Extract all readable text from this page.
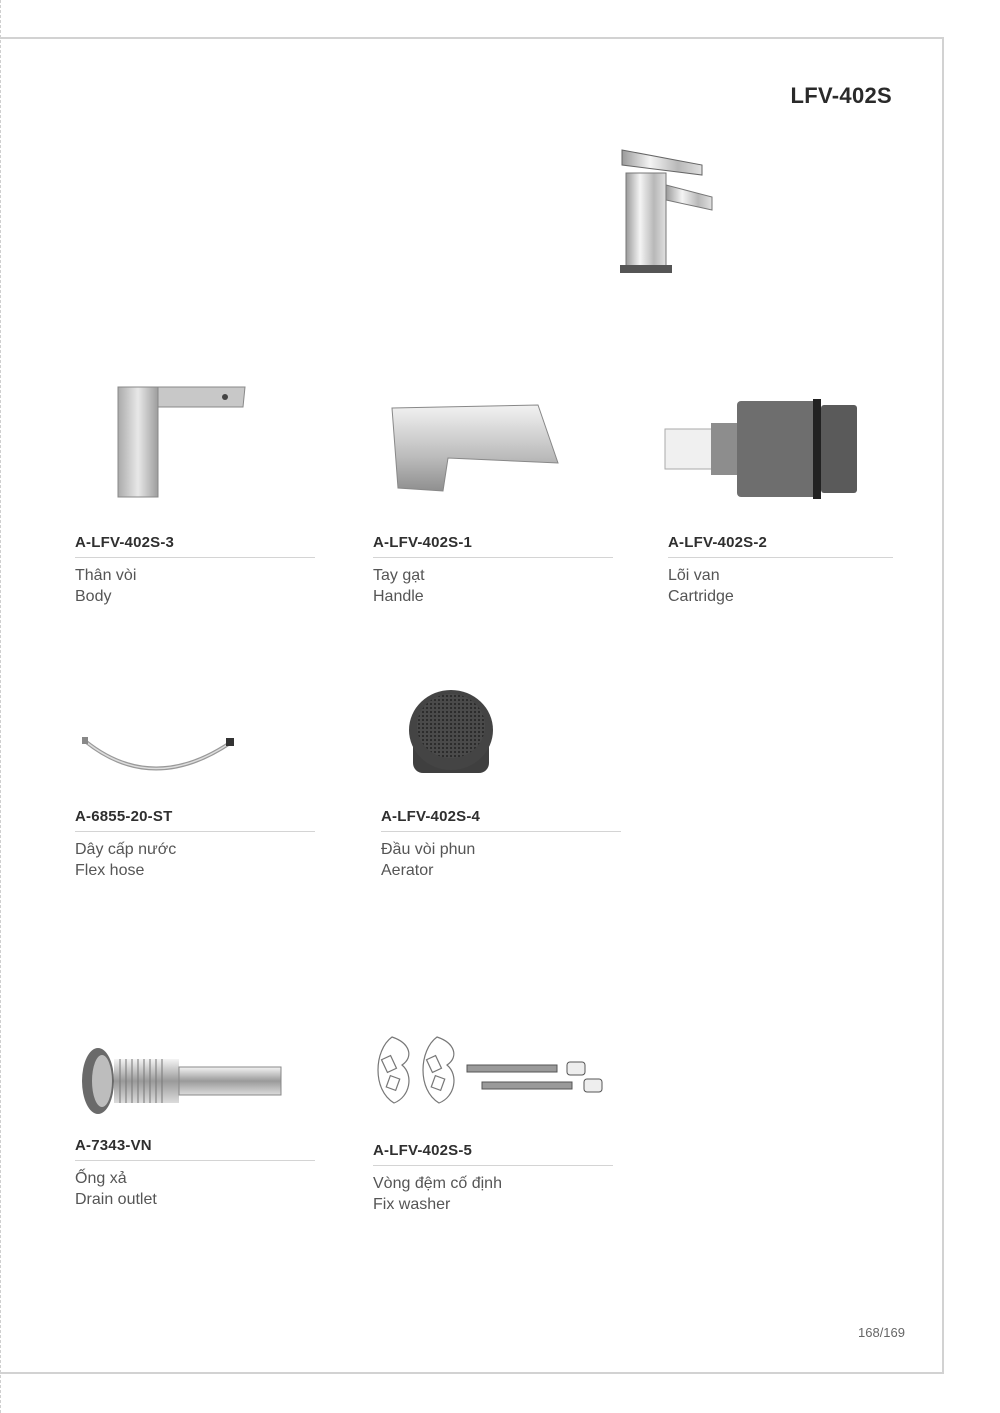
LFV-402S
A-LFV-402S-3
Thân vòi
Body
A-LFV-402S-1
Tay gạt
Handle
A-LFV-402S-2
Lõi van
Cartridge
A-6855-20-ST
Dây cấp nước
Flex hose
A-LFV-402S-4
Đầu vòi phun
Aerator
A-7343-VN
Ống xả
Drain outlet
A-LFV-402S-5
Vòng đệm cố định
Fix washer
168/169
